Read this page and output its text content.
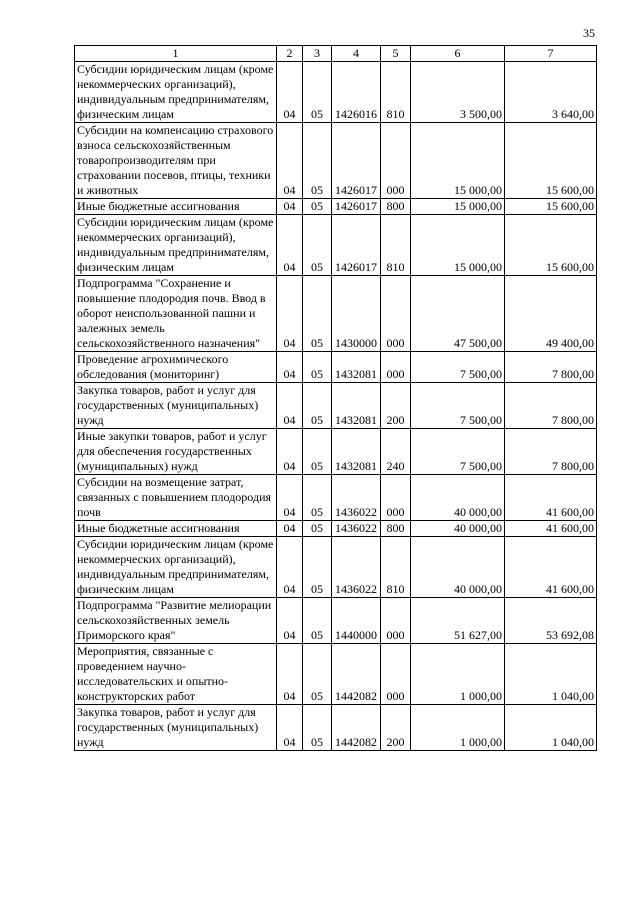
35
1	2	3	4	5	6	7
Субсидии юридическим лицам (кроме некоммерческих организаций), индивидуальным предпринимателям, физическим лицам	04	05	1426016	810	3 500,00	3 640,00
Субсидии на компенсацию страхового взноса сельскохозяйственным товаропроизводителям при страховании посевов, птицы, техники и животных	04	05	1426017	000	15 000,00	15 600,00
Иные бюджетные ассигнования	04	05	1426017	800	15 000,00	15 600,00
Субсидии юридическим лицам (кроме некоммерческих организаций), индивидуальным предпринимателям, физическим лицам	04	05	1426017	810	15 000,00	15 600,00
Подпрограмма "Сохранение и повышение плодородия почв. Ввод в оборот неиспользованной пашни и залежных земель сельскохозяйственного назначения"	04	05	1430000	000	47 500,00	49 400,00
Проведение агрохимического обследования (мониторинг)	04	05	1432081	000	7 500,00	7 800,00
Закупка товаров, работ и услуг для государственных (муниципальных) нужд	04	05	1432081	200	7 500,00	7 800,00
Иные закупки товаров, работ и услуг для обеспечения государственных (муниципальных) нужд	04	05	1432081	240	7 500,00	7 800,00
Субсидии на возмещение затрат, связанных с повышением плодородия почв	04	05	1436022	000	40 000,00	41 600,00
Иные бюджетные ассигнования	04	05	1436022	800	40 000,00	41 600,00
Субсидии юридическим лицам (кроме некоммерческих организаций), индивидуальным предпринимателям, физическим лицам	04	05	1436022	810	40 000,00	41 600,00
Подпрограмма "Развитие мелиорации сельскохозяйственных земель Приморского края"	04	05	1440000	000	51 627,00	53 692,08
Мероприятия, связанные с проведением научно-исследовательских и опытно-конструкторских работ	04	05	1442082	000	1 000,00	1 040,00
Закупка товаров, работ и услуг для государственных (муниципальных) нужд	04	05	1442082	200	1 000,00	1 040,00
